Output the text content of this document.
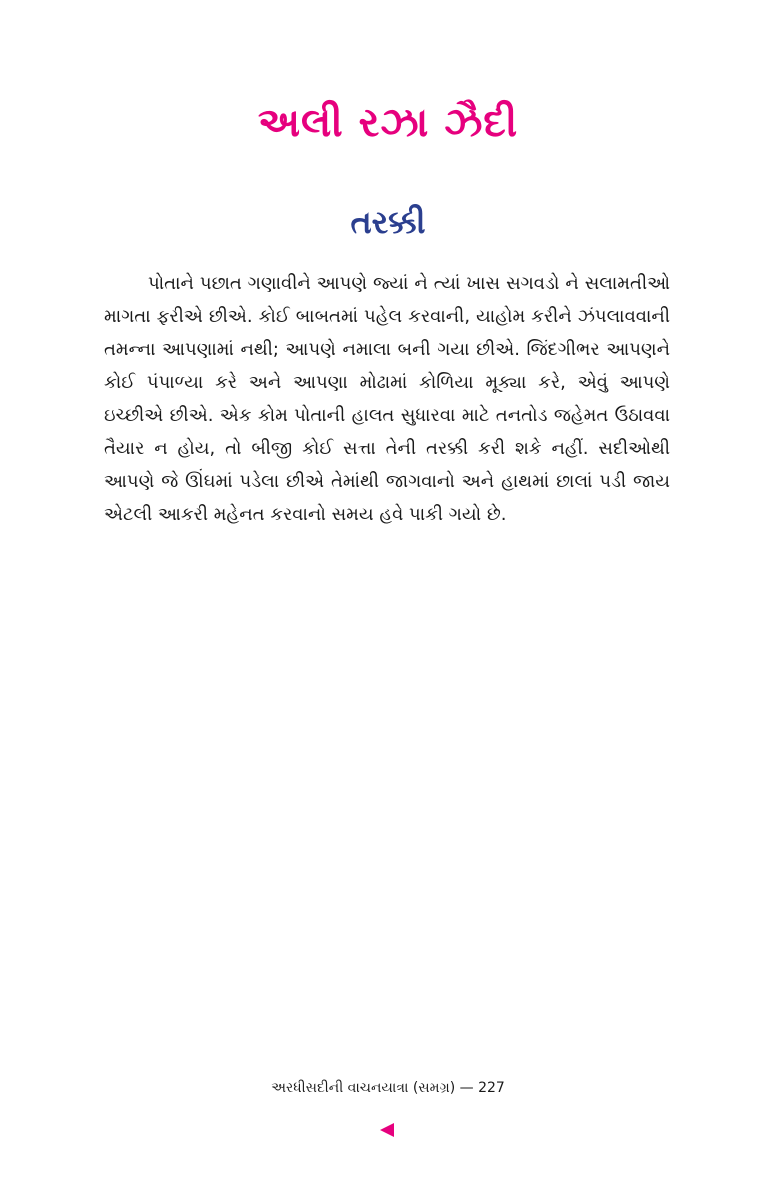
અલી રઝા ઝૈદી
તરક્કી

પોતાને પછાત ગણાવીને આપણે જ્યાં ને ત્યાં ખાસ સગવડો ને સલામતીઓ માગતા ફરીએ છીએ. કોઈ બાબતમાં પહેલ કરવાની, યાહોમ કરીને ઝંપલાવવાની તમન્ના આપણામાં નથી; આપણે નમાલા બની ગયા છીએ. જિંદગીભર આપણને કોઈ પંપાળ્યા કરે અને આપણા મોઢામાં કોળિયા મૂક્યા કરે, એવું આપણે ઇચ્છીએ છીએ. એક કોમ પોતાની હાલત સુધારવા માટે તનતોડ જહેમત ઉઠાવવા તૈયાર ન હોય, તો બીજી કોઈ સત્તા તેની તરક્કી કરી શકે નહીં. સદીઓથી આપણે જે ઊંઘમાં પડેલા છીએ તેમાંથી જાગવાનો અને હાથમાં છાલાં પડી જાય એટલી આકરી મહેનત કરવાનો સમય હવે પાકી ગયો છે.

અરધીસદીની વાચનયાત્રા (સમગ્ર) — 227
